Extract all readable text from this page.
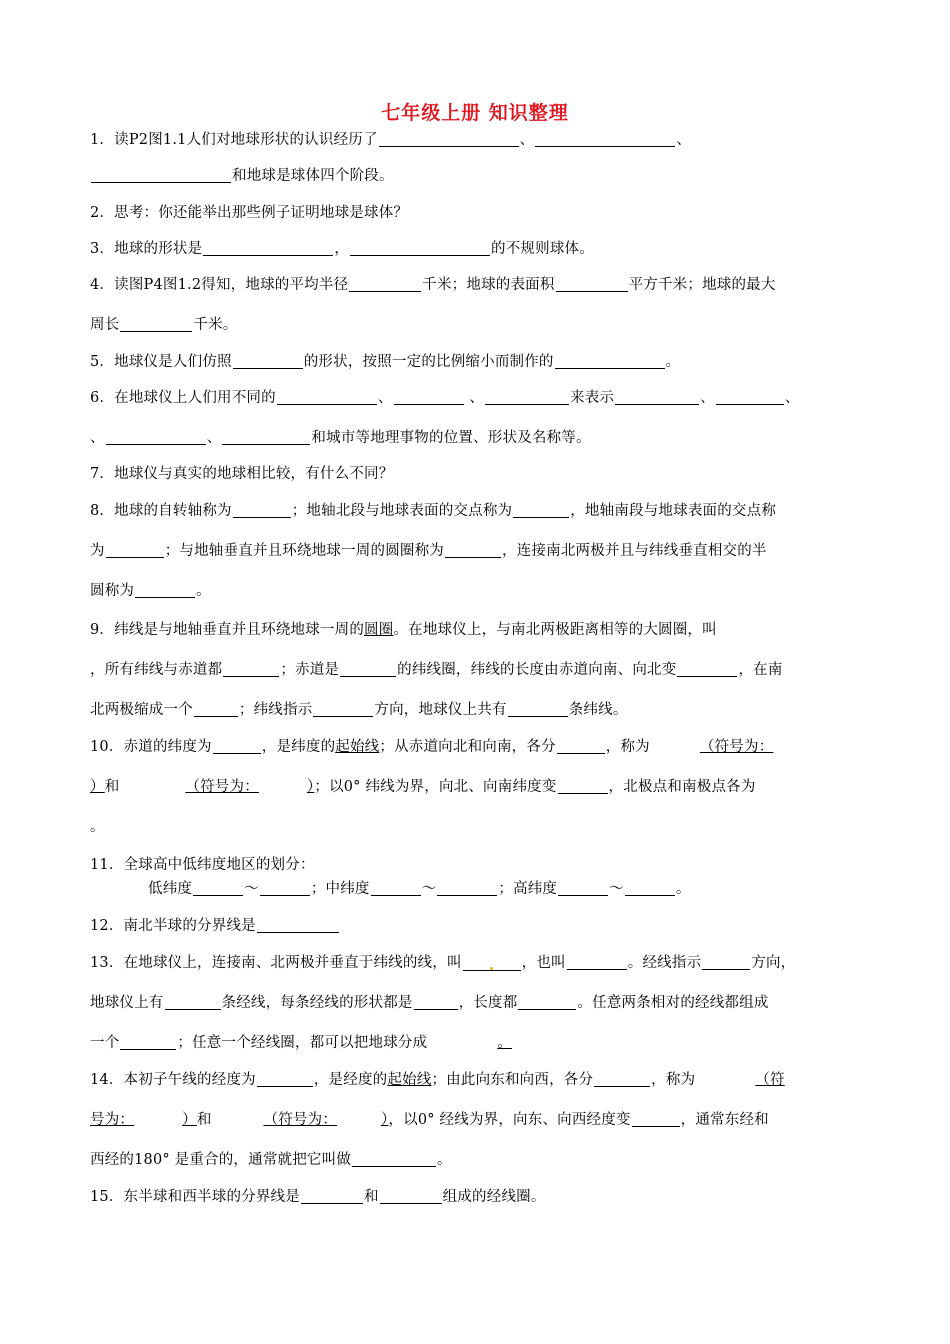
七年级上册 知识整理
1．读P2图1.1人们对地球形状的认识经历了	、	、
和地球是球体四个阶段。
2．思考：你还能举出那些例子证明地球是球体？
3．地球的形状是	，	的不规则球体。
4．读图P4图1.2得知，地球的平均半径	千米；地球的表面积	平方千米；地球的最大
周长	千米。
5．地球仪是人们仿照	的形状，按照一定的比例缩小而制作的	。
6．在地球仪上人们用不同的	、	、	来表示	、	、
、	、	和城市等地理事物的位置、形状及名称等。
7．地球仪与真实的地球相比较，有什么不同？
8．地球的自转轴称为	；地轴北段与地球表面的交点称为	，地轴南段与地球表面的交点称
为	；与地轴垂直并且环绕地球一周的圆圈称为	，连接南北两极并且与纬线垂直相交的半
圆称为	。
9．纬线是与地轴垂直并且环绕地球一周的圆圈。在地球仪上，与南北两极距离相等的大圆圈，叫
，所有纬线与赤道都	；赤道是	的纬线圈，纬线的长度由赤道向南、向北变	，在南
北两极缩成一个	；纬线指示	方向，地球仪上共有	条纬线。
10．赤道的纬度为	，是纬度的起始线；从赤道向北和向南，各分	，称为	（符号为：
）和	（符号为：	）；以0° 纬线为界，向北、向南纬度变	，北极点和南极点各为
。
11．全球高中低纬度地区的划分：
低纬度	～	；中纬度	～	；高纬度	～	。
12．南北半球的分界线是
13．在地球仪上，连接南、北两极并垂直于纬线的线，叫	，也叫	。经线指示	方向，
地球仪上有	条经线，每条经线的形状都是	，长度都	。任意两条相对的经线都组成
一个	；任意一个经线圈，都可以把地球分成	。
14．本初子午线的经度为	，是经度的起始线；由此向东和向西，各分	，称为	（符
号为：	）和	（符号为：	），以0° 经线为界，向东、向西经度变	，通常东经和
西经的180° 是重合的，通常就把它叫做	。
15．东半球和西半球的分界线是	和	组成的经线圈。
